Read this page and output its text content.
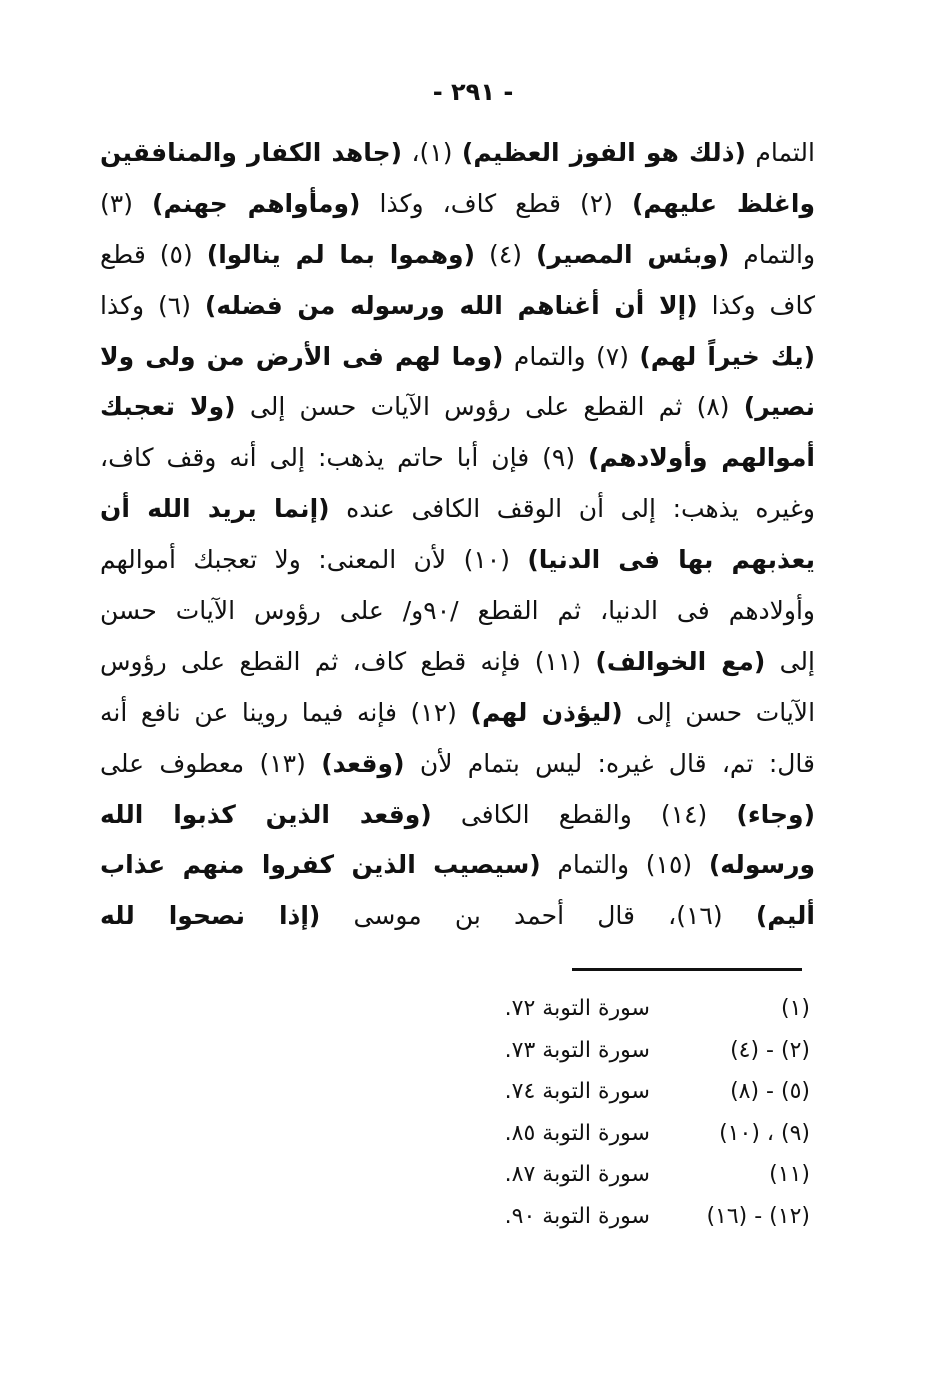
- ٢٩١ -
التمام (ذلك هو الفوز العظيم) (١)، (جاهد الكفار والمنافقين
واغلظ عليهم) (٢) قطع كاف، وكذا (ومأواهم جهنم) (٣)
والتمام (وبئس المصير) (٤) (وهموا بما لم ينالوا) (٥) قطع
كاف وكذا (إلا أن أغناهم الله ورسوله من فضله) (٦) وكذا
(يك خيراً لهم) (٧) والتمام (وما لهم فى الأرض من ولى ولا
نصير) (٨) ثم القطع على رؤوس الآيات حسن إلى (ولا تعجبك
أموالهم وأولادهم) (٩) فإن أبا حاتم يذهب: إلى أنه وقف كاف،
وغيره يذهب: إلى أن الوقف الكافى عنده (إنما يريد الله أن
يعذبهم بها فى الدنيا) (١٠) لأن المعنى: ولا تعجبك أموالهم
وأولادهم فى الدنيا، ثم القطع /٩٠و/ على رؤوس الآيات حسن
إلى (مع الخوالف) (١١) فإنه قطع كاف، ثم القطع على رؤوس
الآيات حسن إلى (ليؤذن لهم) (١٢) فإنه فيما روينا عن نافع أنه
قال: تم، قال غيره: ليس بتمام لأن (وقعد) (١٣) معطوف على
(وجاء) (١٤) والقطع الكافى (وقعد الذين كذبوا الله
ورسوله) (١٥) والتمام (سيصيب الذين كفروا منهم عذاب
أليم) (١٦)، قال أحمد بن موسى (إذا نصحوا لله
(١)سورة التوبة ٧٢.
(٢) - (٤)سورة التوبة ٧٣.
(٥) - (٨)سورة التوبة ٧٤.
(٩) ، (١٠)سورة التوبة ٨٥.
(١١)سورة التوبة ٨٧.
(١٢) - (١٦)سورة التوبة ٩٠.
